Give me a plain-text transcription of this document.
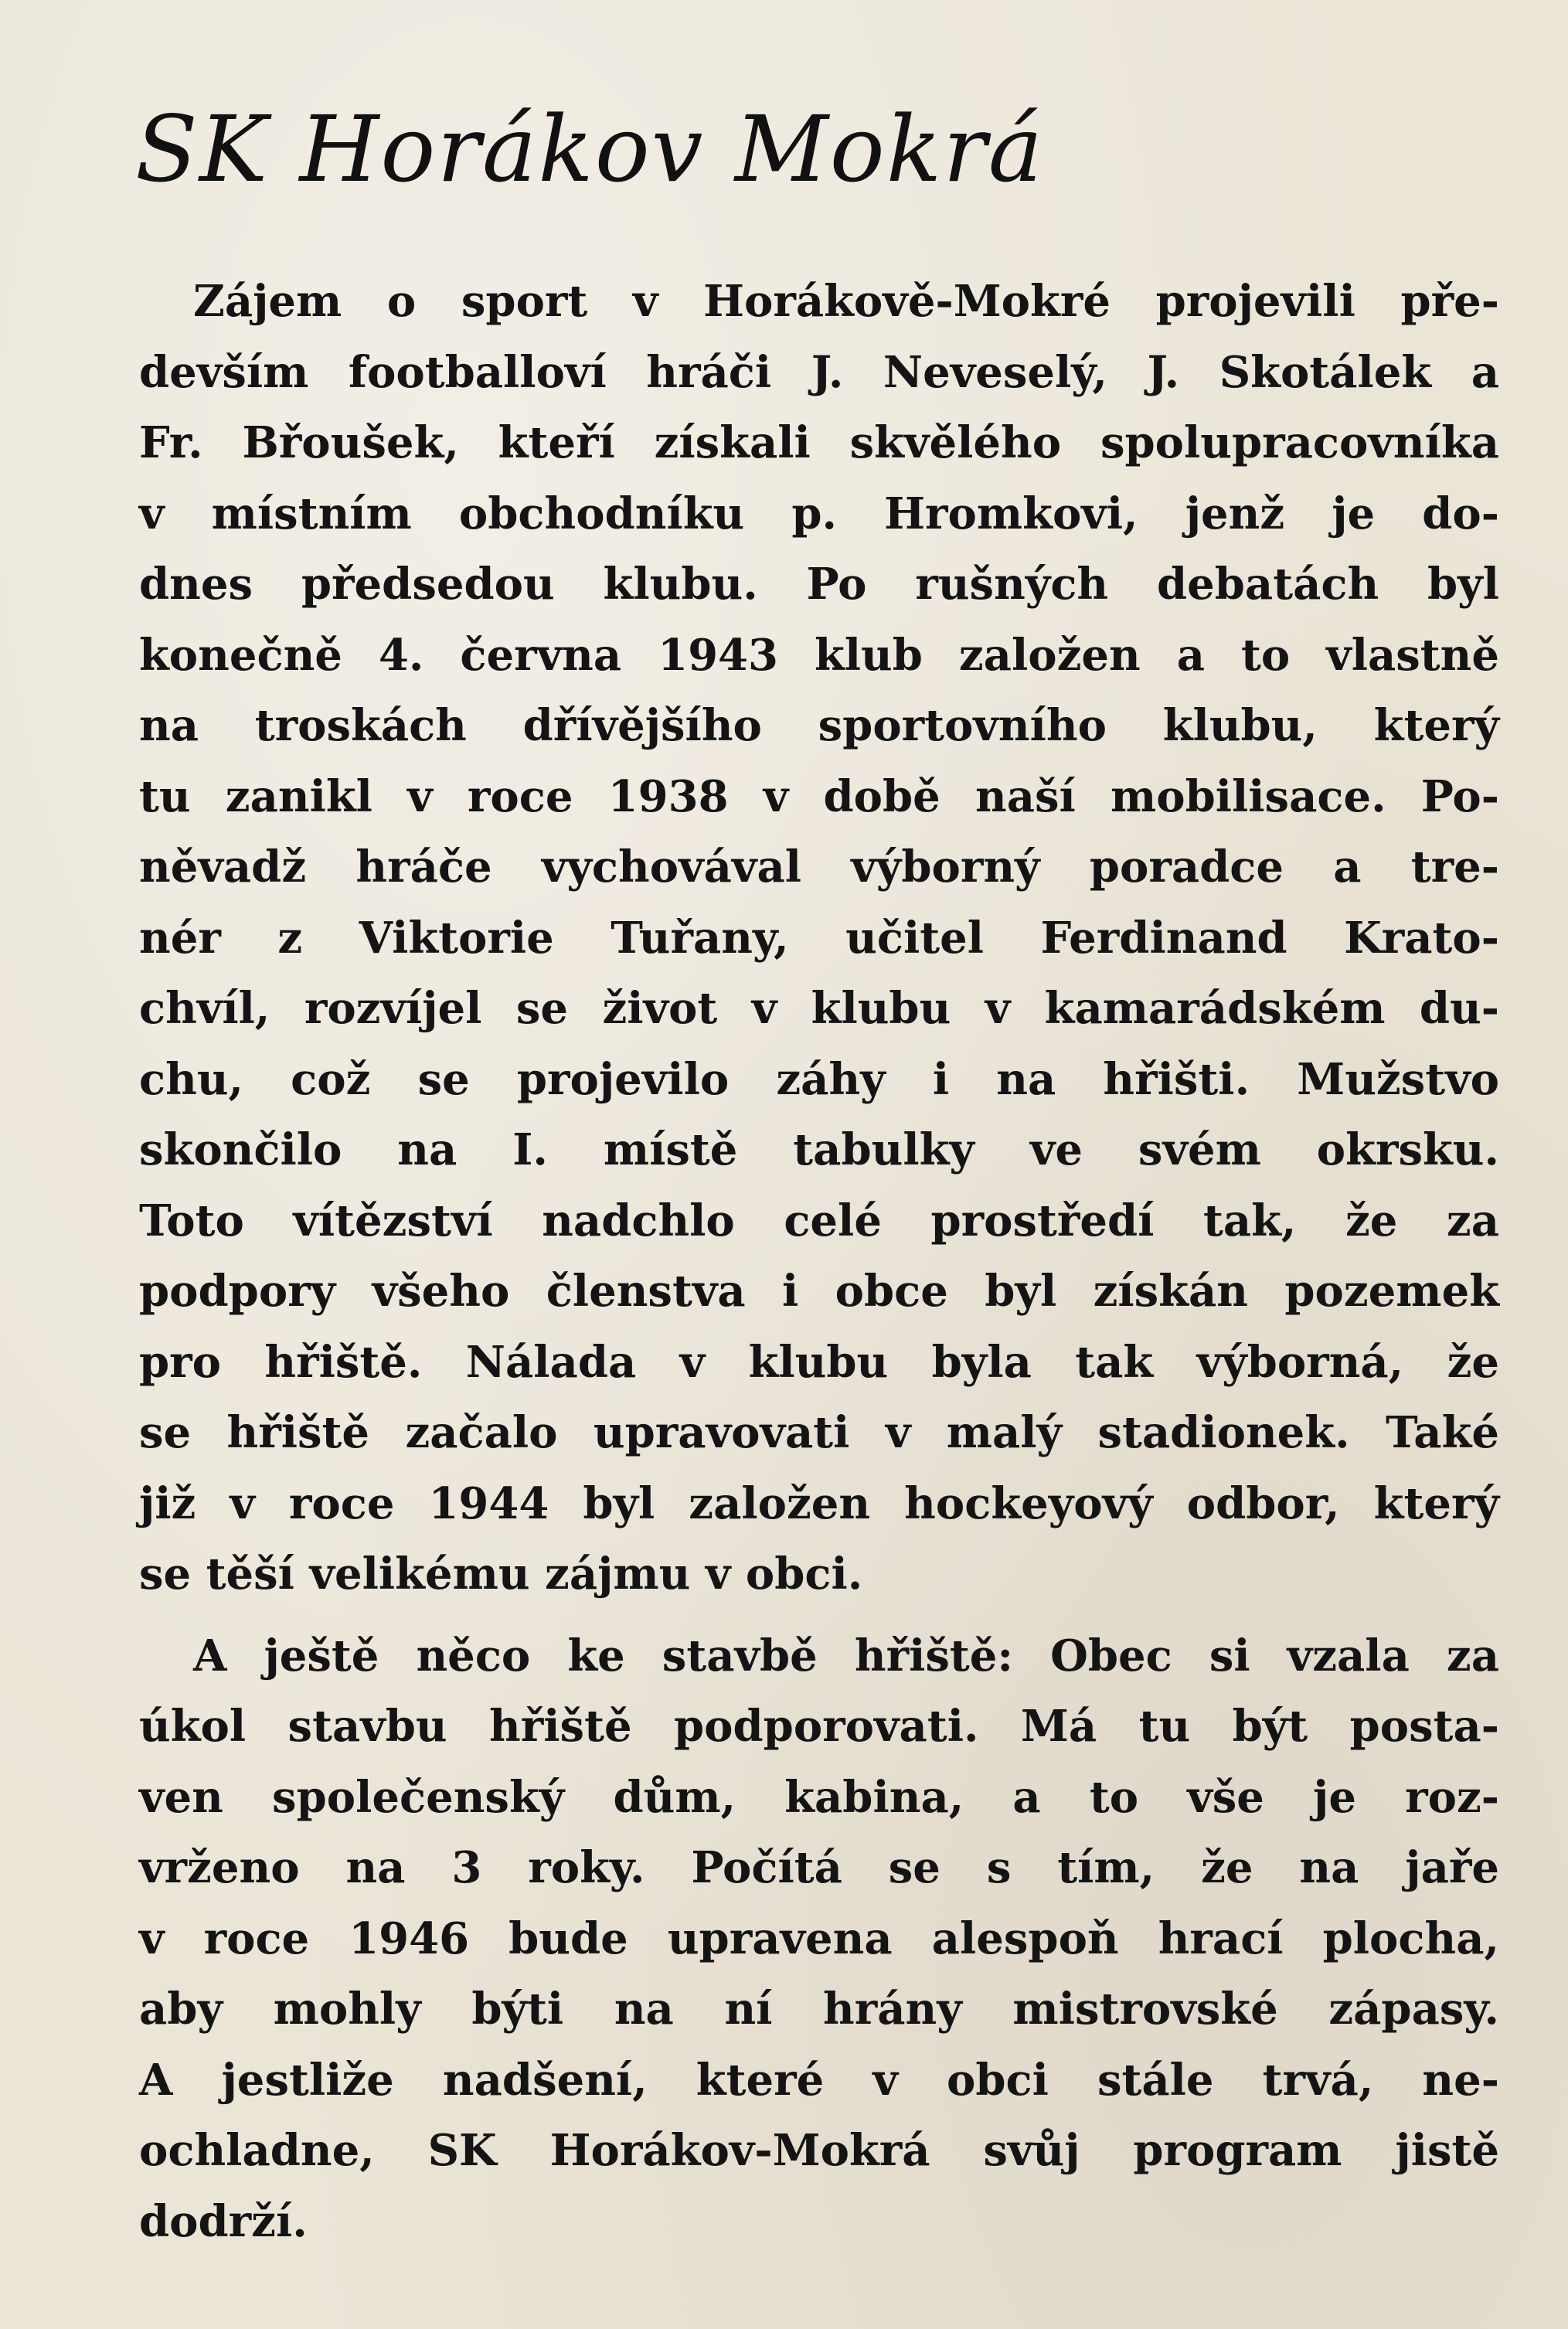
SK Horákov Mokrá
Zájem o sport v Horákově-Mokré projevili pře-
devším footballoví hráči J. Neveselý, J. Skotálek a
Fr. Břoušek, kteří získali skvělého spolupracovníka
v místním obchodníku p. Hromkovi, jenž je do-
dnes předsedou klubu. Po rušných debatách byl
konečně 4. června 1943 klub založen a to vlastně
na troskách dřívějšího sportovního klubu, který
tu zanikl v roce 1938 v době naší mobilisace. Po-
něvadž hráče vychovával výborný poradce a tre-
nér z Viktorie Tuřany, učitel Ferdinand Krato-
chvíl, rozvíjel se život v klubu v kamarádském du-
chu, což se projevilo záhy i na hřišti. Mužstvo
skončilo na I. místě tabulky ve svém okrsku.
Toto vítězství nadchlo celé prostředí tak, že za
podpory všeho členstva i obce byl získán pozemek
pro hřiště. Nálada v klubu byla tak výborná, že
se hřiště začalo upravovati v malý stadionek. Také
již v roce 1944 byl založen hockeyový odbor, který
se těší velikému zájmu v obci.
A ještě něco ke stavbě hřiště: Obec si vzala za
úkol stavbu hřiště podporovati. Má tu být posta-
ven společenský dům, kabina, a to vše je roz-
vrženo na 3 roky. Počítá se s tím, že na jaře
v roce 1946 bude upravena alespoň hrací plocha,
aby mohly býti na ní hrány mistrovské zápasy.
A jestliže nadšení, které v obci stále trvá, ne-
ochladne, SK Horákov-Mokrá svůj program jistě
dodrží.
